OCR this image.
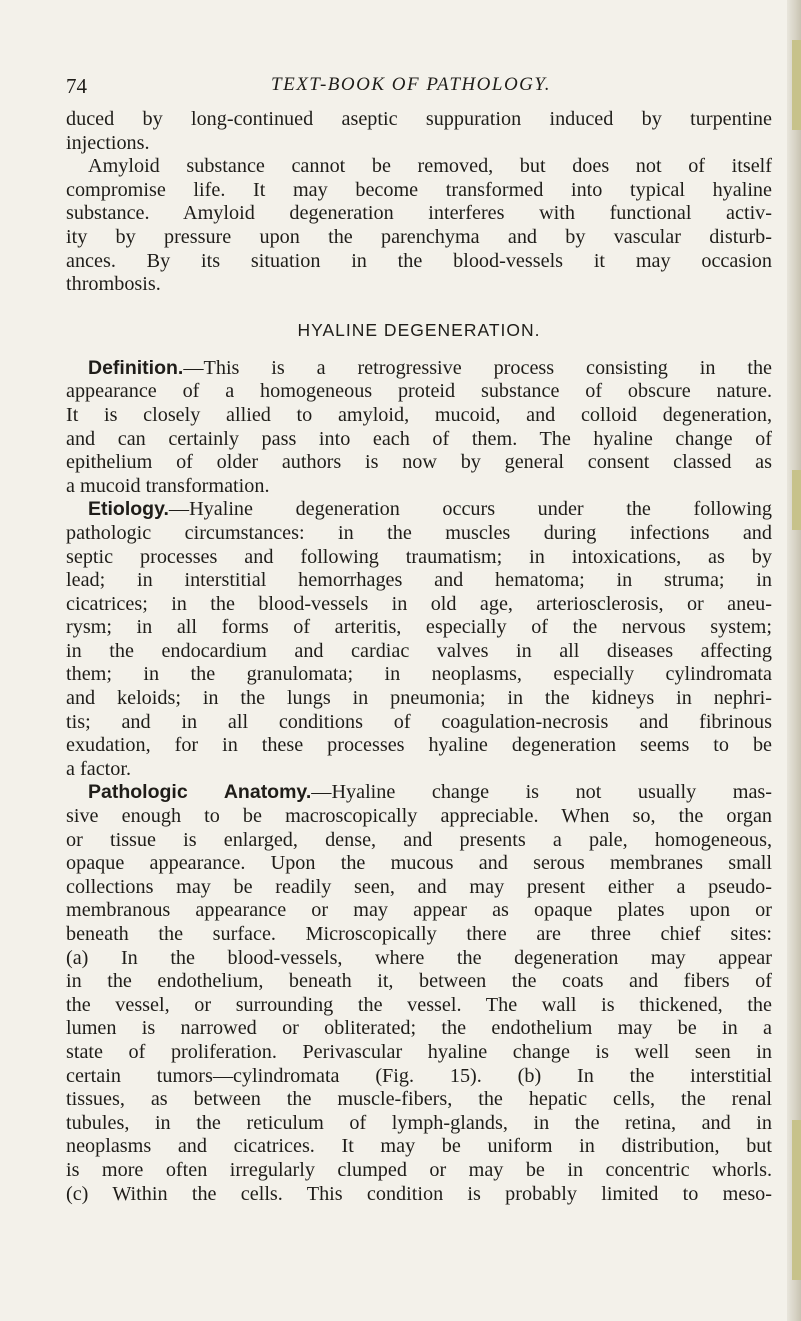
74	TEXT-BOOK OF PATHOLOGY.
duced by long-continued aseptic suppuration induced by turpentine
injections.
Amyloid substance cannot be removed, but does not of itself
compromise life. It may become transformed into typical hyaline
substance. Amyloid degeneration interferes with functional activ-
ity by pressure upon the parenchyma and by vascular disturb-
ances. By its situation in the blood-vessels it may occasion
thrombosis.
HYALINE DEGENERATION.
Definition.—This is a retrogressive process consisting in the
appearance of a homogeneous proteid substance of obscure nature.
It is closely allied to amyloid, mucoid, and colloid degeneration,
and can certainly pass into each of them. The hyaline change of
epithelium of older authors is now by general consent classed as
a mucoid transformation.
Etiology.—Hyaline degeneration occurs under the following
pathologic circumstances: in the muscles during infections and
septic processes and following traumatism; in intoxications, as by
lead; in interstitial hemorrhages and hematoma; in struma; in
cicatrices; in the blood-vessels in old age, arteriosclerosis, or aneu-
rysm; in all forms of arteritis, especially of the nervous system;
in the endocardium and cardiac valves in all diseases affecting
them; in the granulomata; in neoplasms, especially cylindromata
and keloids; in the lungs in pneumonia; in the kidneys in nephri-
tis; and in all conditions of coagulation-necrosis and fibrinous
exudation, for in these processes hyaline degeneration seems to be
a factor.
Pathologic Anatomy.—Hyaline change is not usually mas-
sive enough to be macroscopically appreciable. When so, the organ
or tissue is enlarged, dense, and presents a pale, homogeneous,
opaque appearance. Upon the mucous and serous membranes small
collections may be readily seen, and may present either a pseudo-
membranous appearance or may appear as opaque plates upon or
beneath the surface. Microscopically there are three chief sites:
(a) In the blood-vessels, where the degeneration may appear
in the endothelium, beneath it, between the coats and fibers of
the vessel, or surrounding the vessel. The wall is thickened, the
lumen is narrowed or obliterated; the endothelium may be in a
state of proliferation. Perivascular hyaline change is well seen in
certain tumors—cylindromata (Fig. 15). (b) In the interstitial
tissues, as between the muscle-fibers, the hepatic cells, the renal
tubules, in the reticulum of lymph-glands, in the retina, and in
neoplasms and cicatrices. It may be uniform in distribution, but
is more often irregularly clumped or may be in concentric whorls.
(c) Within the cells. This condition is probably limited to meso-
